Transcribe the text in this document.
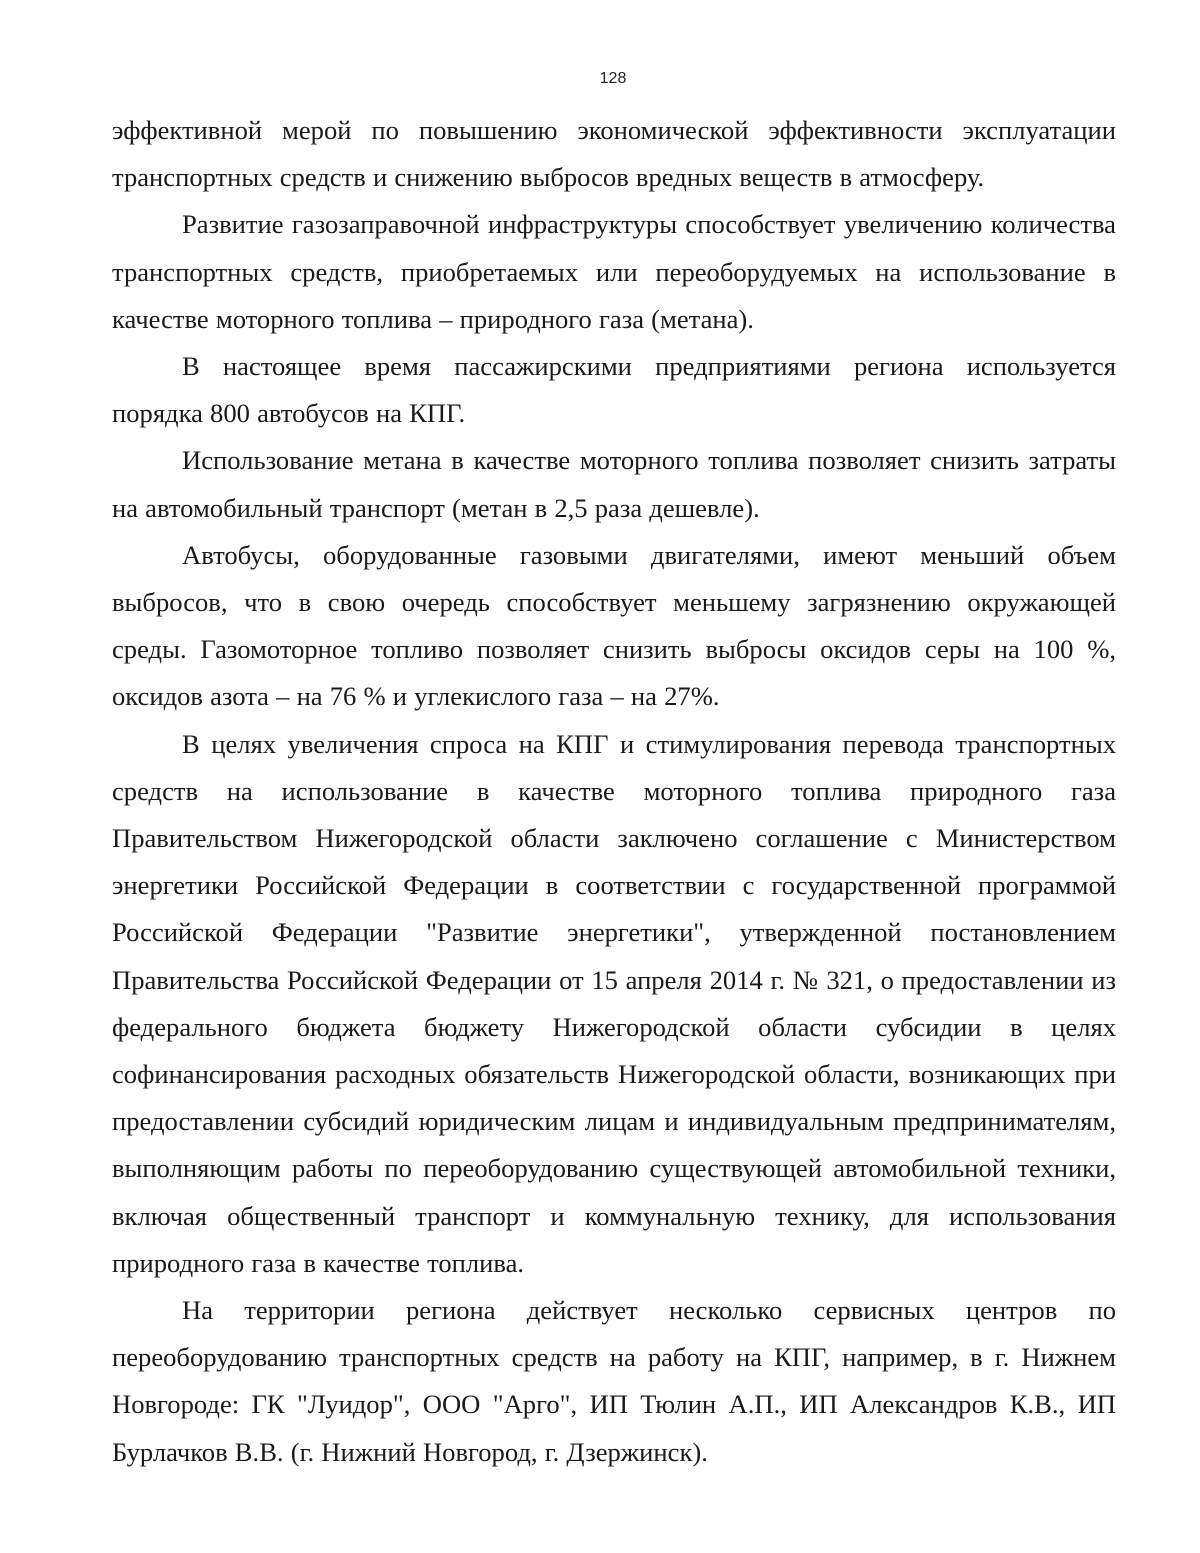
128

эффективной мерой по повышению экономической эффективности эксплуатации транспортных средств и снижению выбросов вредных веществ в атмосферу.

Развитие газозаправочной инфраструктуры способствует увеличению количества транспортных средств, приобретаемых или переоборудуемых на использование в качестве моторного топлива – природного газа (метана).

В настоящее время пассажирскими предприятиями региона используется порядка 800 автобусов на КПГ.

Использование метана в качестве моторного топлива позволяет снизить затраты на автомобильный транспорт (метан в 2,5 раза дешевле).

Автобусы, оборудованные газовыми двигателями, имеют меньший объем выбросов, что в свою очередь способствует меньшему загрязнению окружающей среды. Газомоторное топливо позволяет снизить выбросы оксидов серы на 100 %, оксидов азота – на 76 % и углекислого газа – на 27%.

В целях увеличения спроса на КПГ и стимулирования перевода транспортных средств на использование в качестве моторного топлива природного газа Правительством Нижегородской области заключено соглашение с Министерством энергетики Российской Федерации в соответствии с государственной программой Российской Федерации "Развитие энергетики", утвержденной постановлением Правительства Российской Федерации от 15 апреля 2014 г. № 321, о предоставлении из федерального бюджета бюджету Нижегородской области субсидии в целях софинансирования расходных обязательств Нижегородской области, возникающих при предоставлении субсидий юридическим лицам и индивидуальным предпринимателям, выполняющим работы по переоборудованию существующей автомобильной техники, включая общественный транспорт и коммунальную технику, для использования природного газа в качестве топлива.

На территории региона действует несколько сервисных центров по переоборудованию транспортных средств на работу на КПГ, например, в г. Нижнем Новгороде: ГК "Луидор", ООО "Арго", ИП Тюлин А.П., ИП Александров К.В., ИП Бурлачков В.В. (г. Нижний Новгород, г. Дзержинск).
